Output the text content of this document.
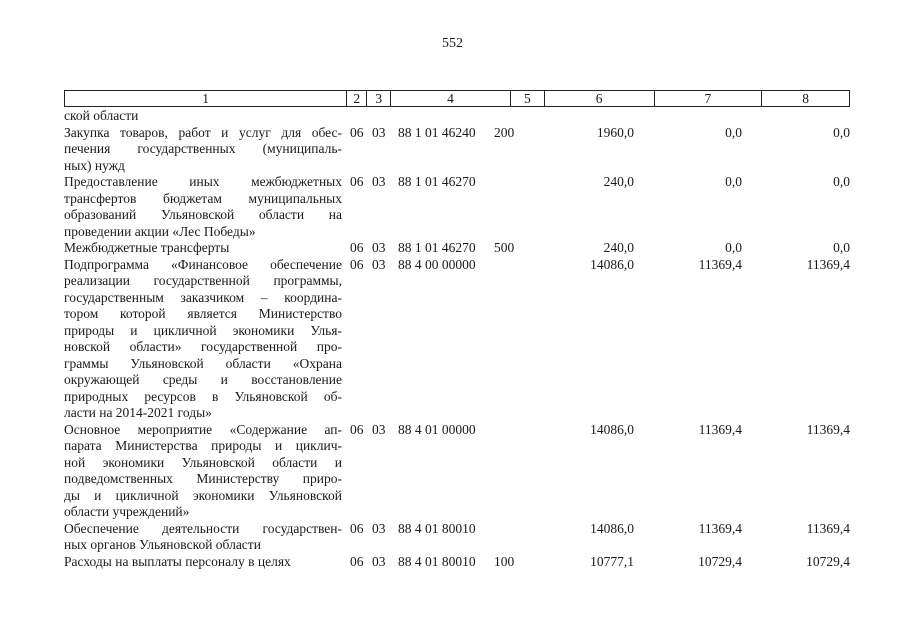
552
1	2	3	4	5	6	7	8
ской области
Закупка товаров, работ и услуг для обес-
печения государственных (муниципаль-
ных) нужд
06 03 88 1 01 46240 200	1960,0	0,0	0,0
Предоставление иных межбюджетных
трансфертов бюджетам муниципальных
образований Ульяновской области на
проведении акции «Лес Победы»
06 03 88 1 01 46270	240,0	0,0	0,0
Межбюджетные трансферты	06 03 88 1 01 46270 500	240,0	0,0	0,0
Подпрограмма «Финансовое обеспечение
реализации государственной программы,
государственным заказчиком – координа-
тором которой является Министерство
природы и цикличной экономики Улья-
новской области» государственной про-
граммы Ульяновской области «Охрана
окружающей среды и восстановление
природных ресурсов в Ульяновской об-
ласти на 2014-2021 годы»
06 03 88 4 00 00000	14086,0	11369,4	11369,4
Основное мероприятие «Содержание ап-
парата Министерства природы и циклич-
ной экономики Ульяновской области и
подведомственных Министерству приро-
ды и цикличной экономики Ульяновской
области учреждений»
06 03 88 4 01 00000	14086,0	11369,4	11369,4
Обеспечение деятельности государствен-
ных органов Ульяновской области
06 03 88 4 01 80010	14086,0	11369,4	11369,4
Расходы на выплаты персоналу в целях	06 03 88 4 01 80010 100	10777,1	10729,4	10729,4
